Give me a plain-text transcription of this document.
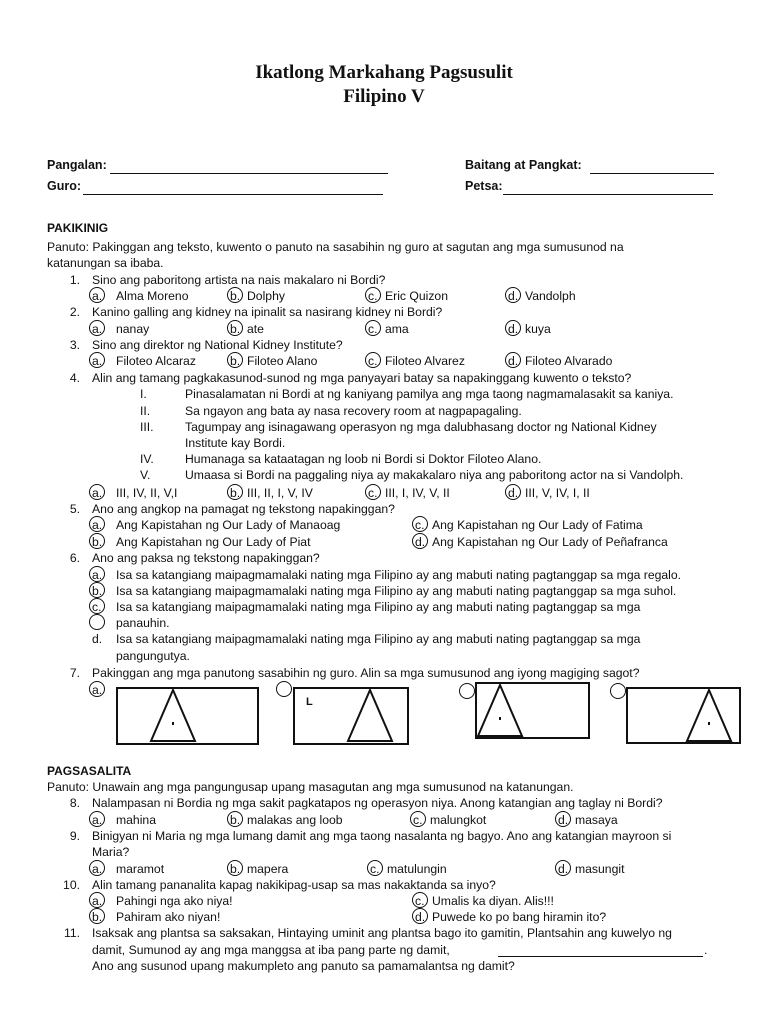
Ikatlong Markahang Pagsusulit
Filipino V
Pangalan:	Baitang at Pangkat:
Guro:	Petsa:
PAKIKINIG
Panuto: Pakinggan ang teksto, kuwento o panuto na sasabihin ng guro at sagutan ang mga sumusunod na
katanungan sa ibaba.
1. Sino ang paboritong artista na nais makalaro ni Bordi?
a. Alma Moreno	b. Dolphy	c. Eric Quizon	d. Vandolph
2. Kanino galling ang kidney na ipinalit sa nasirang kidney ni Bordi?
a. nanay	b. ate	c. ama	d. kuya
3. Sino ang direktor ng National Kidney Institute?
a. Filoteo Alcaraz	b. Filoteo Alano	c. Filoteo Alvarez	d. Filoteo Alvarado
4. Alin ang tamang pagkakasunod-sunod ng mga panyayari batay sa napakinggang kuwento o teksto?
I.	Pinasalamatan ni Bordi at ng kaniyang pamilya ang mga taong nagmamalasakit sa kaniya.
II.	Sa ngayon ang bata ay nasa recovery room at nagpapagaling.
III.	Tagumpay ang isinagawang operasyon ng mga dalubhasang doctor ng National Kidney
Institute kay Bordi.
IV.	Humanaga sa kataatagan ng loob ni Bordi si Doktor Filoteo Alano.
V.	Umaasa si Bordi na paggaling niya ay makakalaro niya ang paboritong actor na si Vandolph.
a. III, IV, II, V,I	b. III, II, I, V, IV	c. III, I, IV, V, II	d. III, V, IV, I, II
5. Ano ang angkop na pamagat ng tekstong napakinggan?
a. Ang Kapistahan ng Our Lady of Manaoag
b. Ang Kapistahan ng Our Lady of Piat
c. Ang Kapistahan ng Our Lady of Fatima
d. Ang Kapistahan ng Our Lady of Peñafranca
6. Ano ang paksa ng tekstong napakinggan?
a. Isa sa katangiang maipagmamalaki nating mga Filipino ay ang mabuti nating pagtanggap sa mga regalo.
b. Isa sa katangiang maipagmamalaki nating mga Filipino ay ang mabuti nating pagtanggap sa mga suhol.
c. Isa sa katangiang maipagmamalaki nating mga Filipino ay ang mabuti nating pagtanggap sa mga
panauhin.
d. Isa sa katangiang maipagmamalaki nating mga Filipino ay ang mabuti nating pagtanggap sa mga
pangungutya.
7. Pakinggan ang mga panutong sasabihin ng guro. Alin sa mga sumusunod ang iyong magiging sagot?
a.
L
PAGSASALITA
Panuto: Unawain ang mga pangungusap upang masagutan ang mga sumusunod na katanungan.
8. Nalampasan ni Bordia ng mga sakit pagkatapos ng operasyon niya. Anong katangian ang taglay ni Bordi?
a. mahina	b. malakas ang loob	c. malungkot	d. masaya
9. Binigyan ni Maria ng mga lumang damit ang mga taong nasalanta ng bagyo. Ano ang katangian mayroon si
Maria?
a. maramot	b. mapera	c. matulungin	d. masungit
10. Alin tamang pananalita kapag nakikipag-usap sa mas nakaktanda sa inyo?
a. Pahingi nga ako niya!
b. Pahiram ako niyan!
c. Umalis ka diyan. Alis!!!
d. Puwede ko po bang hiramin ito?
11. Isaksak ang plantsa sa saksakan, Hintaying uminit ang plantsa bago ito gamitin, Plantsahin ang kuwelyo ng
damit, Sumunod ay ang mga manggsa at iba pang parte ng damit,	.
Ano ang susunod upang makumpleto ang panuto sa pamamalantsa ng damit?
